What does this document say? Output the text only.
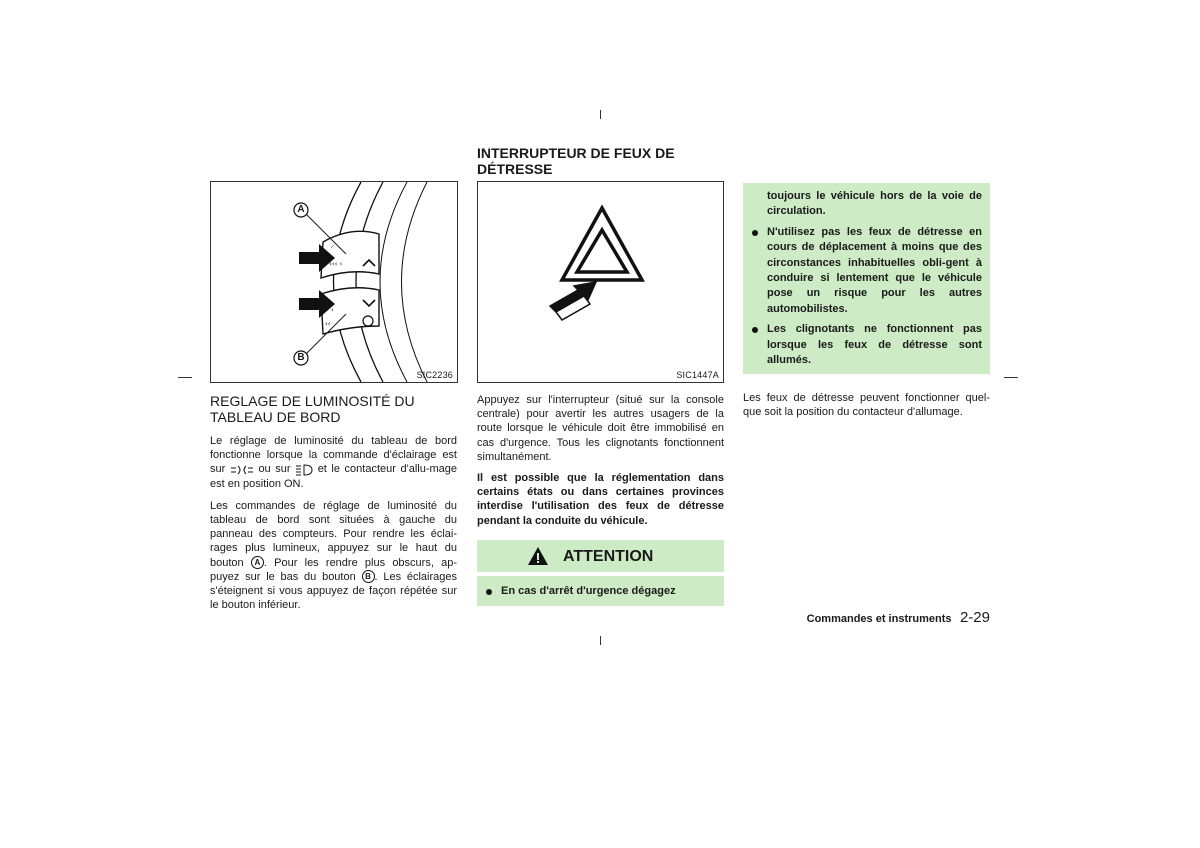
◜
‹‹‹ ‹
‹
‹‹
A
B
SIC2236
REGLAGE DE LUMINOSITÉ DU
TABLEAU DE BORD

Le réglage de luminosité du tableau de bord fonctionne lorsque la commande d'éclairage est sur	ou sur et le contacteur d'allu-mage est en position ON.

Les commandes de réglage de luminosité du tableau de bord sont situées à gauche du panneau des compteurs. Pour rendre les éclai-rages plus lumineux, appuyez sur le haut du bouton A . Pour les rendre plus obscurs, ap-puyez sur le bas du bouton B . Les éclairages s'éteignent si vous appuyez de façon répétée sur le bouton inférieur.

INTERRUPTEUR DE FEUX DE
DÉTRESSE
SIC1447A

Appuyez sur l'interrupteur (situé sur la console centrale) pour avertir les autres usagers de la route lorsque le véhicule doit être immobilisé en cas d'urgence. Tous les clignotants fonctionnent simultanément.

Il est possible que la réglementation dans certains états ou dans certaines provinces interdise l'utilisation des feux de détresse pendant la conduite du véhicule.

ATTENTION
En cas d'arrêt d'urgence dégagez
toujours le véhicule hors de la voie de circulation.
N'utilisez pas les feux de détresse en cours de déplacement à moins que des circonstances inhabituelles obli-gent à conduire si lentement que le véhicule pose un risque pour les autres automobilistes.
Les clignotants ne fonctionnent pas lorsque les feux de détresse sont allumés.

Les feux de détresse peuvent fonctionner quel-que soit la position du contacteur d'allumage.

Commandes et instruments 2-29
